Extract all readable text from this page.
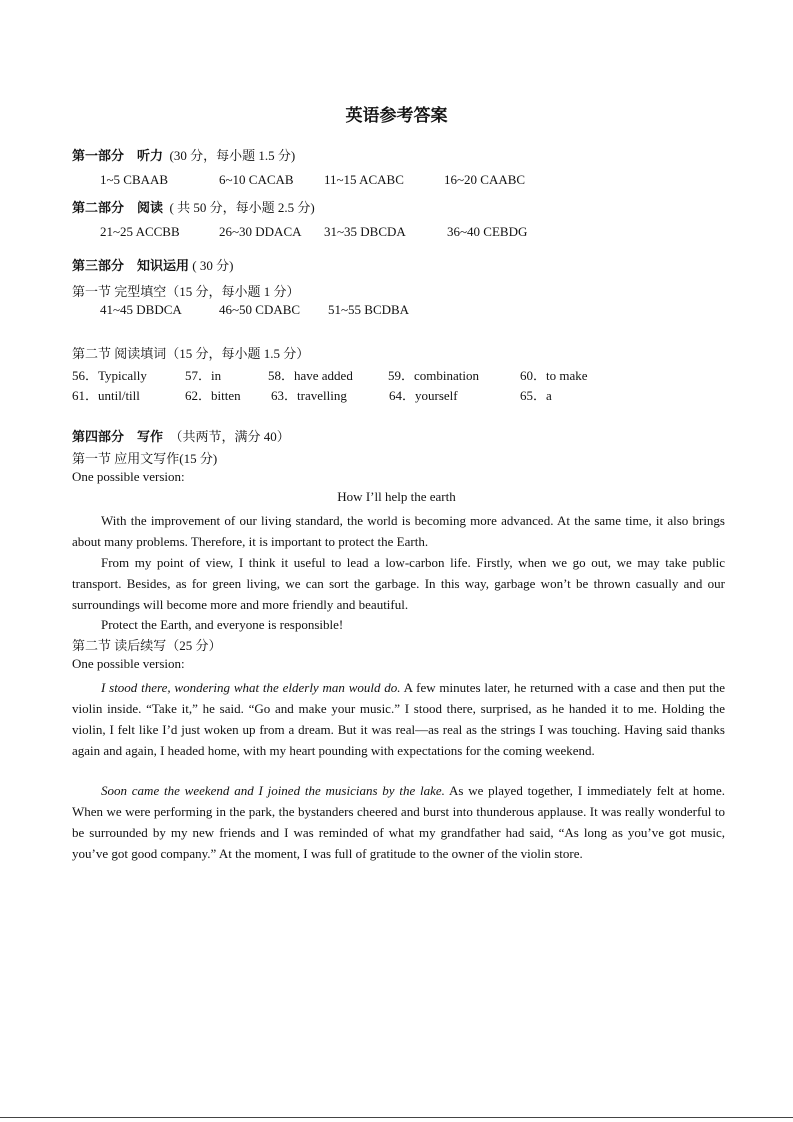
英语参考答案
第一部分 听力 (30 分，每小题 1.5 分)
1~5 CBAAB	6~10 CACAB 11~15 ACABC	16~20 CAABC
第二部分 阅读 ( 共 50 分，每小题 2.5 分)
21~25 ACCBB	26~30 DDACA 31~35 DBCDA	36~40 CEBDG
第三部分 知识运用 ( 30 分)
第一节 完型填空（15 分，每小题 1 分）
41~45 DBDCA	46~50 CDABC 51~55 BCDBA
第二节 阅读填词（15 分，每小题 1.5 分）
56．Typically	57．in	58．have added	59．combination	60．to make
61．until/till	62．bitten 63．travelling	64．yourself	65．a
第四部分 写作 （共两节，满分 40）
第一节 应用文写作(15 分)
One possible version:
How I’ll help the earth
With the improvement of our living standard, the world is becoming more advanced. At the same time, it also brings about many problems. Therefore, it is important to protect the Earth.
From my point of view, I think it useful to lead a low-carbon life. Firstly, when we go out, we may take public transport. Besides, as for green living, we can sort the garbage. In this way, garbage won’t be thrown casually and our surroundings will become more and more friendly and beautiful.
Protect the Earth, and everyone is responsible!
第二节 读后续写（25 分）
One possible version:
I stood there, wondering what the elderly man would do. A few minutes later, he returned with a case and then put the violin inside. “Take it,” he said. “Go and make your music.” I stood there, surprised, as he handed it to me. Holding the violin, I felt like I’d just woken up from a dream. But it was real—as real as the strings I was touching. Having said thanks again and again, I headed home, with my heart pounding with expectations for the coming weekend.
Soon came the weekend and I joined the musicians by the lake. As we played together, I immediately felt at home. When we were performing in the park, the bystanders cheered and burst into thunderous applause. It was really wonderful to be surrounded by my new friends and I was reminded of what my grandfather had said, “As long as you’ve got music, you’ve got good company.” At the moment, I was full of gratitude to the owner of the violin store.
